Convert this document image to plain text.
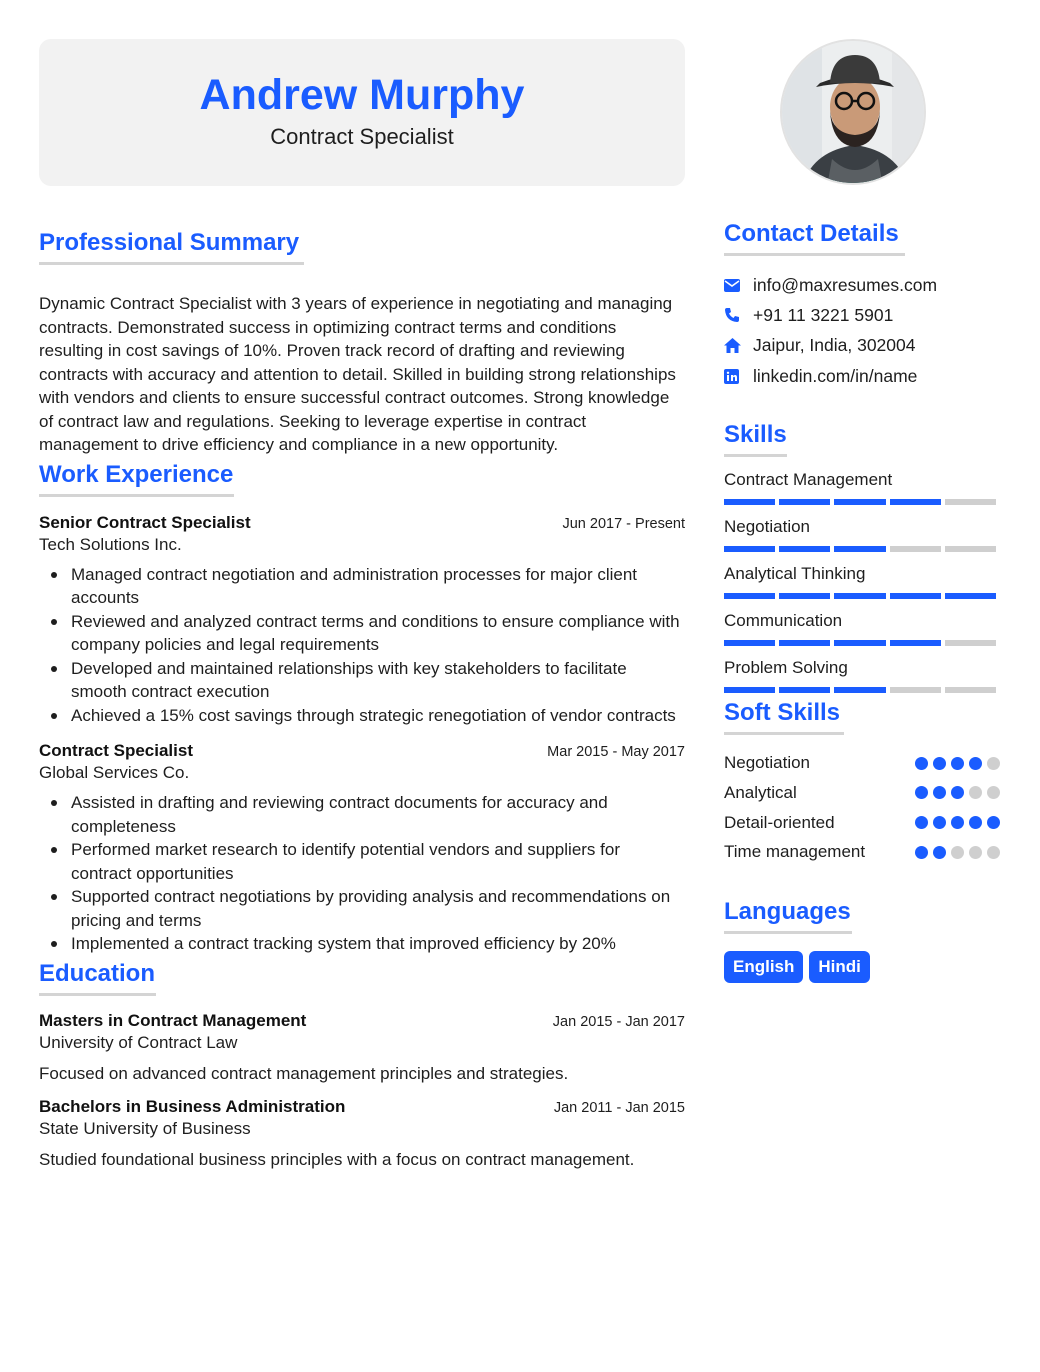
Andrew Murphy
Contract Specialist
Professional Summary

Dynamic Contract Specialist with 3 years of experience in negotiating and managing contracts. Demonstrated success in optimizing contract terms and conditions resulting in cost savings of 10%. Proven track record of drafting and reviewing contracts with accuracy and attention to detail. Skilled in building strong relationships with vendors and clients to ensure successful contract outcomes. Strong knowledge of contract law and regulations. Seeking to leverage expertise in contract management to drive efficiency and compliance in a new opportunity.

Work Experience
Senior Contract Specialist	Jun 2017 - Present
Tech Solutions Inc.
Managed contract negotiation and administration processes for major client accounts
Reviewed and analyzed contract terms and conditions to ensure compliance with company policies and legal requirements
Developed and maintained relationships with key stakeholders to facilitate smooth contract execution
Achieved a 15% cost savings through strategic renegotiation of vendor contracts
Contract Specialist	Mar 2015 - May 2017
Global Services Co.
Assisted in drafting and reviewing contract documents for accuracy and completeness
Performed market research to identify potential vendors and suppliers for contract opportunities
Supported contract negotiations by providing analysis and recommendations on pricing and terms
Implemented a contract tracking system that improved efficiency by 20%
Education
Masters in Contract Management	Jan 2015 - Jan 2017
University of Contract Law
Focused on advanced contract management principles and strategies.
Bachelors in Business Administration	Jan 2011 - Jan 2015
State University of Business
Studied foundational business principles with a focus on contract management.
Contact Details
info@maxresumes.com
+91 11 3221 5901
Jaipur, India, 302004
linkedin.com/in/name
Skills
Contract Management
Negotiation
Analytical Thinking
Communication
Problem Solving
Soft Skills
Negotiation
Analytical
Detail-oriented
Time management
Languages
English	Hindi
